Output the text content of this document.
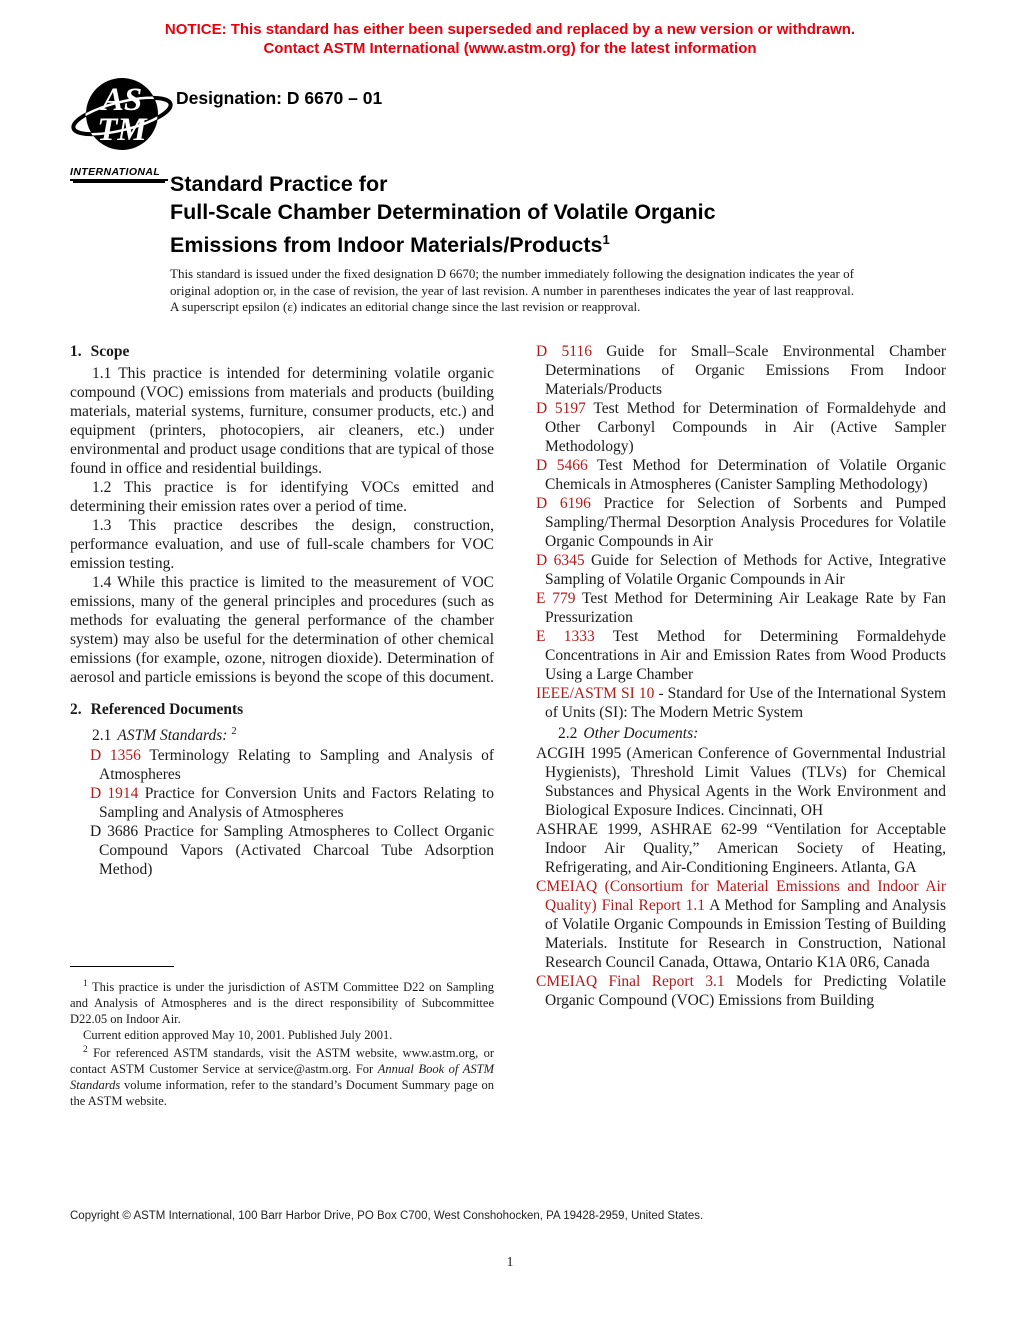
NOTICE: This standard has either been superseded and replaced by a new version or withdrawn.
Contact ASTM International (www.astm.org) for the latest information
AS
TM
INTERNATIONAL
Designation: D 6670 – 01
Standard Practice for
Full-Scale Chamber Determination of Volatile Organic
Emissions from Indoor Materials/Products$^1$
This standard is issued under the fixed designation D 6670; the number immediately following the designation indicates the year of original adoption or, in the case of revision, the year of last revision. A number in parentheses indicates the year of last reapproval. A superscript epsilon (ε) indicates an editorial change since the last revision or reapproval.

1. Scope

1.1 This practice is intended for determining volatile organic compound (VOC) emissions from materials and products (building materials, material systems, furniture, consumer products, etc.) and equipment (printers, photocopiers, air cleaners, etc.) under environmental and product usage conditions that are typical of those found in office and residential buildings.

1.2 This practice is for identifying VOCs emitted and determining their emission rates over a period of time.

1.3 This practice describes the design, construction, performance evaluation, and use of full-scale chambers for VOC emission testing.

1.4 While this practice is limited to the measurement of VOC emissions, many of the general principles and procedures (such as methods for evaluating the general performance of the chamber system) may also be useful for the determination of other chemical emissions (for example, ozone, nitrogen dioxide). Determination of aerosol and particle emissions is beyond the scope of this document.

2. Referenced Documents

2.1 ASTM Standards: $^2$

D 1356 Terminology Relating to Sampling and Analysis of Atmospheres

D 1914 Practice for Conversion Units and Factors Relating to Sampling and Analysis of Atmospheres

D 3686 Practice for Sampling Atmospheres to Collect Organic Compound Vapors (Activated Charcoal Tube Adsorption Method)

D 5116 Guide for Small–Scale Environmental Chamber Determinations of Organic Emissions From Indoor Materials/Products

D 5197 Test Method for Determination of Formaldehyde and Other Carbonyl Compounds in Air (Active Sampler Methodology)

D 5466 Test Method for Determination of Volatile Organic Chemicals in Atmospheres (Canister Sampling Methodology)

D 6196 Practice for Selection of Sorbents and Pumped Sampling/Thermal Desorption Analysis Procedures for Volatile Organic Compounds in Air

D 6345 Guide for Selection of Methods for Active, Integrative Sampling of Volatile Organic Compounds in Air

E 779 Test Method for Determining Air Leakage Rate by Fan Pressurization

E 1333 Test Method for Determining Formaldehyde Concentrations in Air and Emission Rates from Wood Products Using a Large Chamber

IEEE/ASTM SI 10 - Standard for Use of the International System of Units (SI): The Modern Metric System

2.2 Other Documents:

ACGIH 1995 (American Conference of Governmental Industrial Hygienists), Threshold Limit Values (TLVs) for Chemical Substances and Physical Agents in the Work Environment and Biological Exposure Indices. Cincinnati, OH

ASHRAE 1999, ASHRAE 62-99 “Ventilation for Acceptable Indoor Air Quality,” American Society of Heating, Refrigerating, and Air-Conditioning Engineers. Atlanta, GA

CMEIAQ (Consortium for Material Emissions and Indoor Air Quality) Final Report 1.1 A Method for Sampling and Analysis of Volatile Organic Compounds in Emission Testing of Building Materials. Institute for Research in Construction, National Research Council Canada, Ottawa, Ontario K1A 0R6, Canada

CMEIAQ Final Report 3.1 Models for Predicting Volatile Organic Compound (VOC) Emissions from Building

$^1$ This practice is under the jurisdiction of ASTM Committee D22 on Sampling and Analysis of Atmospheres and is the direct responsibility of Subcommittee D22.05 on Indoor Air.

Current edition approved May 10, 2001. Published July 2001.

$^2$ For referenced ASTM standards, visit the ASTM website, www.astm.org, or contact ASTM Customer Service at service@astm.org. For Annual Book of ASTM Standards volume information, refer to the standard’s Document Summary page on the ASTM website.

Copyright © ASTM International, 100 Barr Harbor Drive, PO Box C700, West Conshohocken, PA 19428-2959, United States.
1
